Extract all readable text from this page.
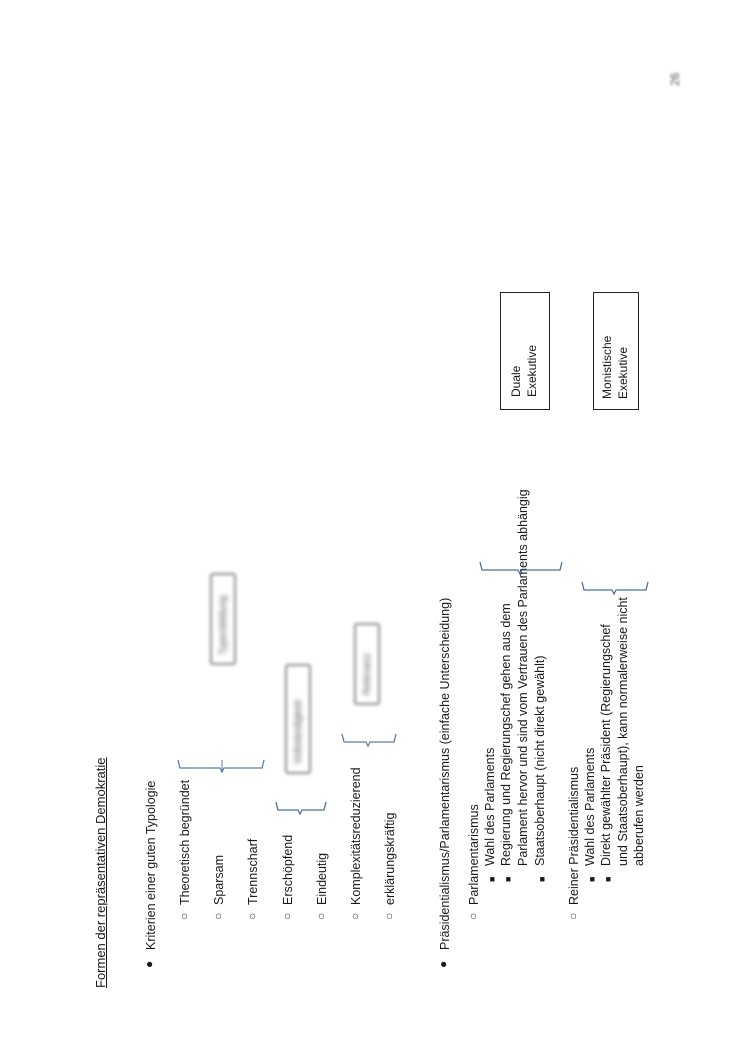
26
Formen der repräsentativen Demokratie	●
Kriterien einer guten Typologie ○
Theoretisch begründet
○
Sparsam
○
Trennscharf
○
Erschöpfend
○
Eindeutig
○
Komplexitätsreduzierend
○
erklärungskräftig
Typenbildung
Vollständigkeit
Relevanz
●
Präsidentialismus/Parlamentarismus (einfache Unterscheidung) ○
Parlamentarismus ■
Wahl des Parlaments
■
Regierung und Regierungschef gehen aus dem Parlament hervor und sind vom Vertrauen des Parlaments abhängig
■
Staatsoberhaupt (nicht direkt gewählt)
○
Reiner Präsidentialismus ■
Wahl des Parlaments
■
Direkt gewählter Präsident (Regierungschef und Staatsoberhaupt), kann normalerweise nicht abberufen werden
Duale Exekutive	Monistische Exekutive
